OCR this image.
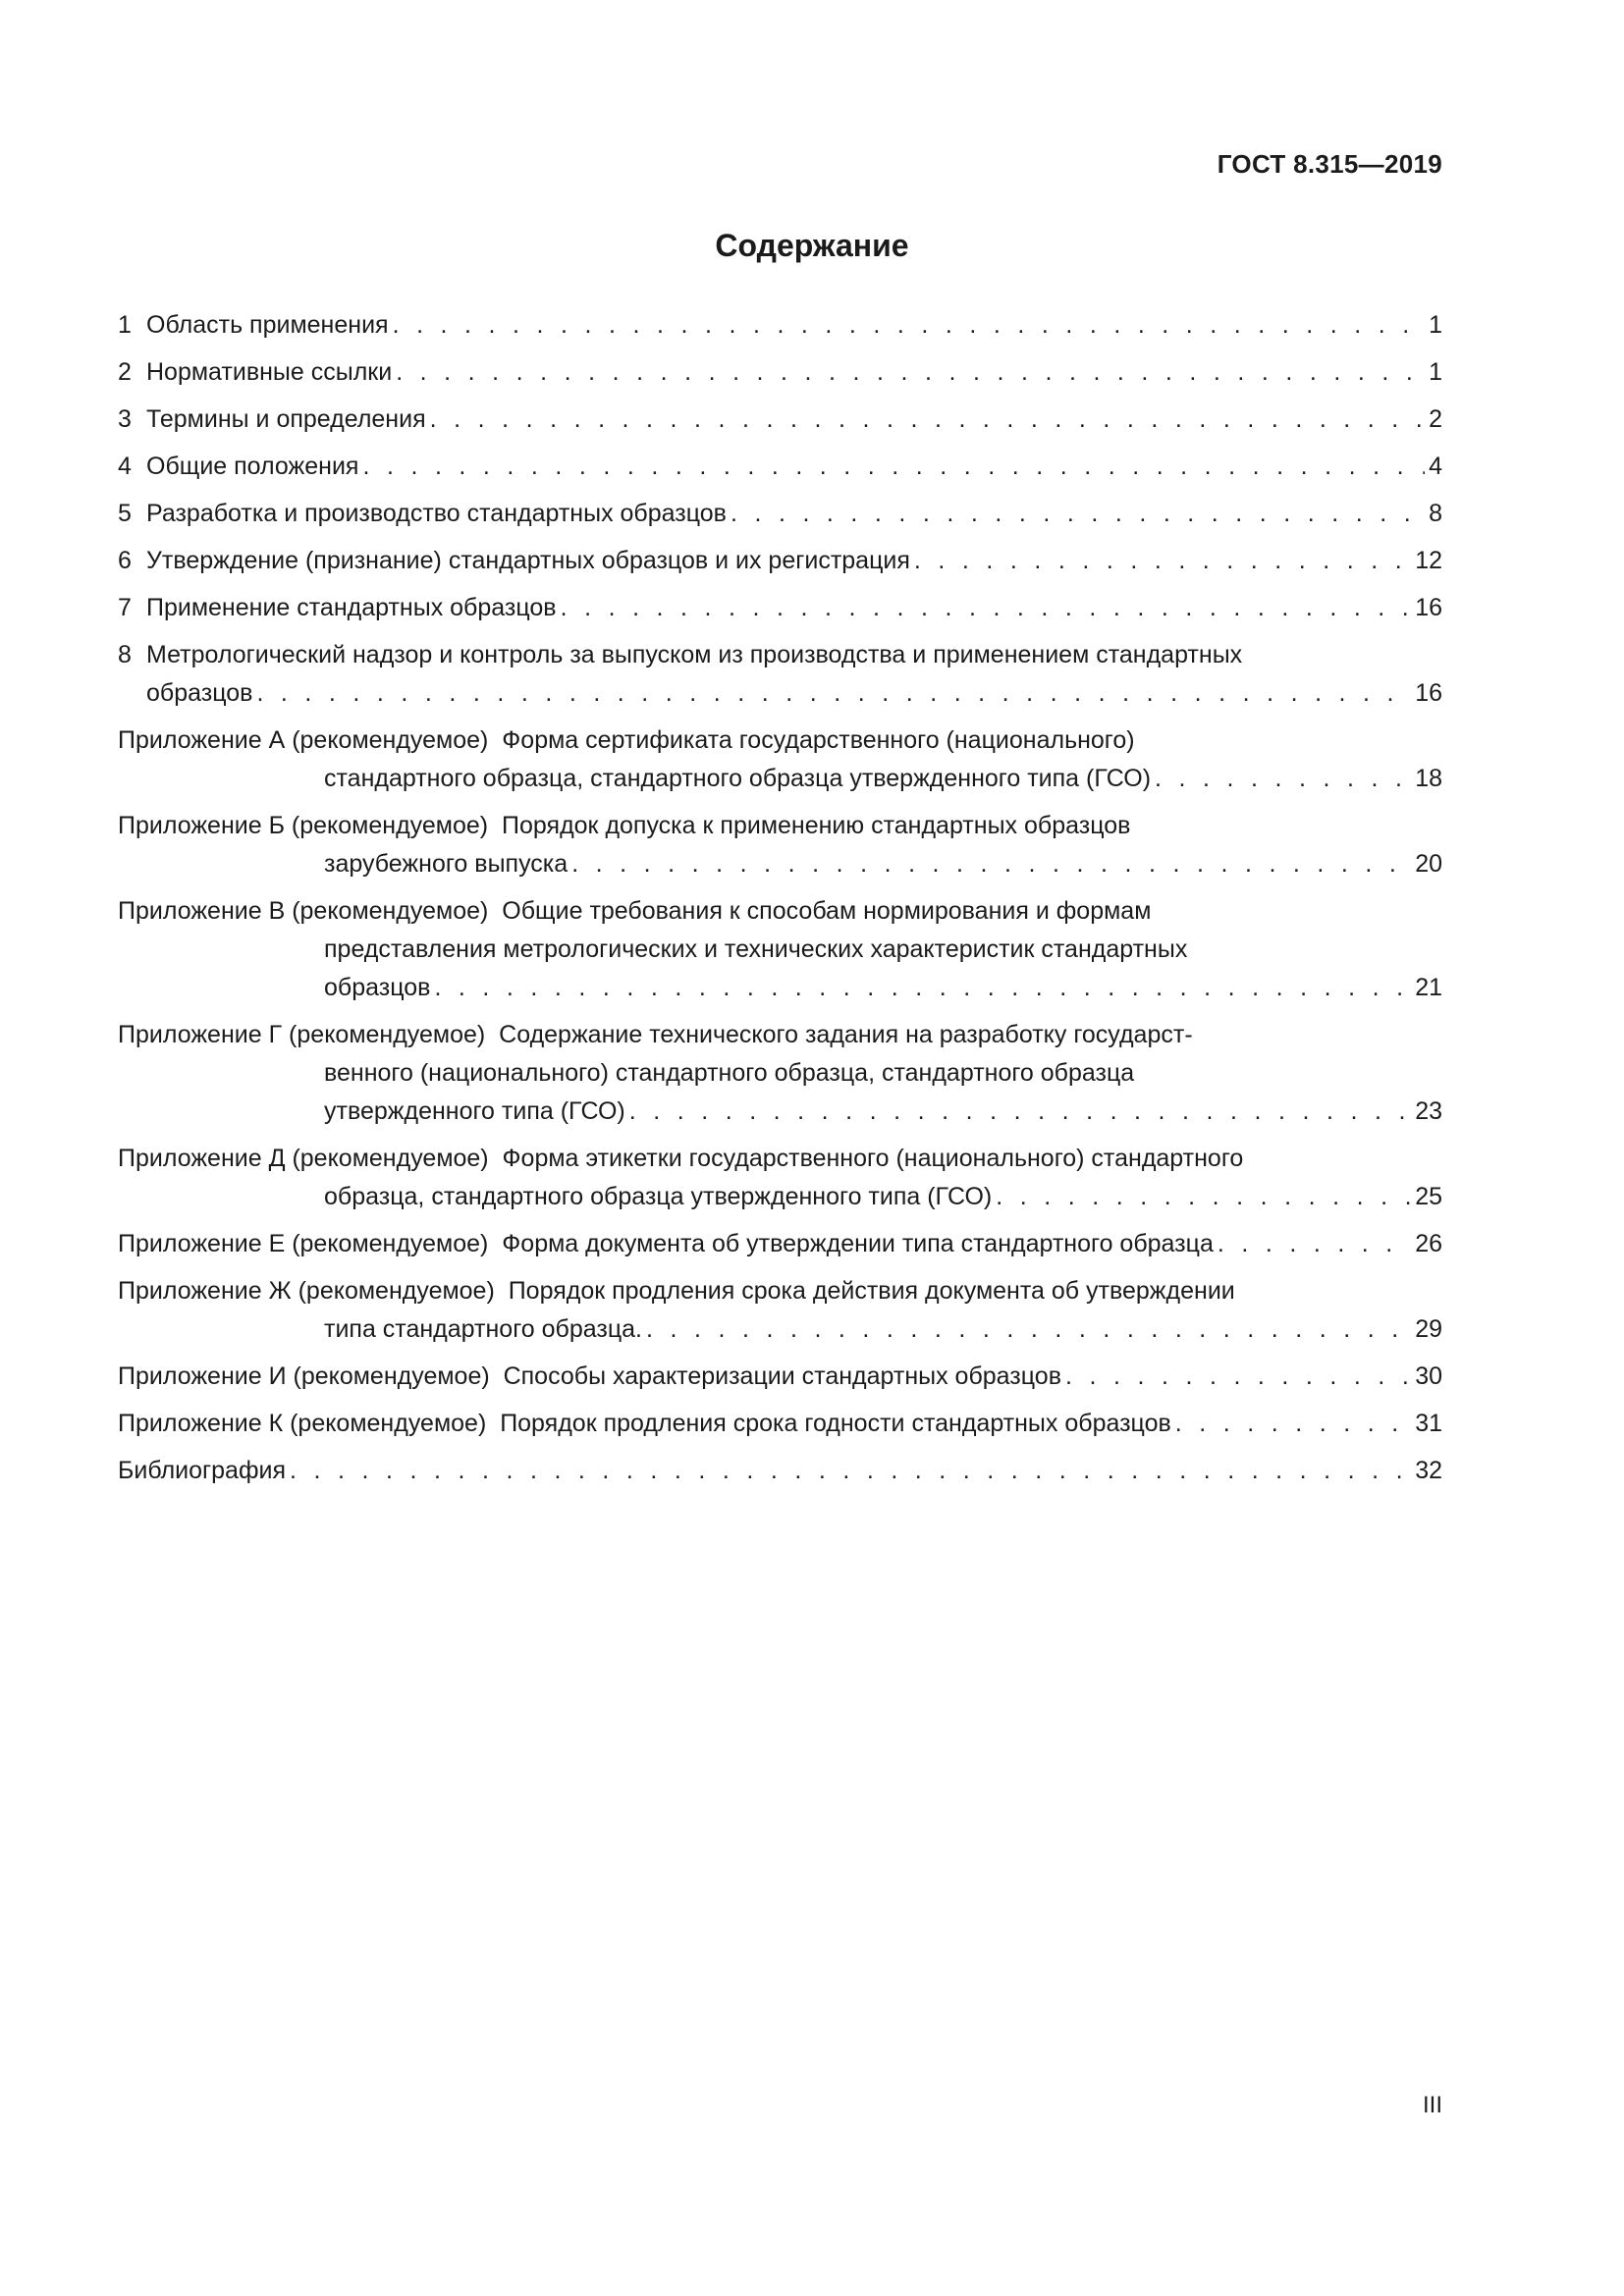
ГОСТ 8.315—2019
Содержание
1 Область применения . . .	1
2 Нормативные ссылки . . .	1
3 Термины и определения . . .	2
4 Общие положения . . .	4
5 Разработка и производство стандартных образцов . . .	8
6 Утверждение (признание) стандартных образцов и их регистрация . . .	12
7 Применение стандартных образцов . . .	16
8 Метрологический надзор и контроль за выпуском из производства и применением стандартных
образцов . . .	16
Приложение А (рекомендуемое) Форма сертификата государственного (национального)
стандартного образца, стандартного образца утвержденного типа (ГСО) . . .	18
Приложение Б (рекомендуемое) Порядок допуска к применению стандартных образцов
зарубежного выпуска . . .	20
Приложение В (рекомендуемое) Общие требования к способам нормирования и формам
представления метрологических и технических характеристик стандартных
образцов . . .	21
Приложение Г (рекомендуемое) Содержание технического задания на разработку государст-
венного (национального) стандартного образца, стандартного образца
утвержденного типа (ГСО) . . .	23
Приложение Д (рекомендуемое) Форма этикетки государственного (национального) стандартного
образца, стандартного образца утвержденного типа (ГСО) . . .	25
Приложение Е (рекомендуемое) Форма документа об утверждении типа стандартного образца . . .	26
Приложение Ж (рекомендуемое) Порядок продления срока действия документа об утверждении
типа стандартного образца. . . .	29
Приложение И (рекомендуемое) Способы характеризации стандартных образцов . . .	30
Приложение К (рекомендуемое) Порядок продления срока годности стандартных образцов . . .	31
Библиография . . .	32
III
